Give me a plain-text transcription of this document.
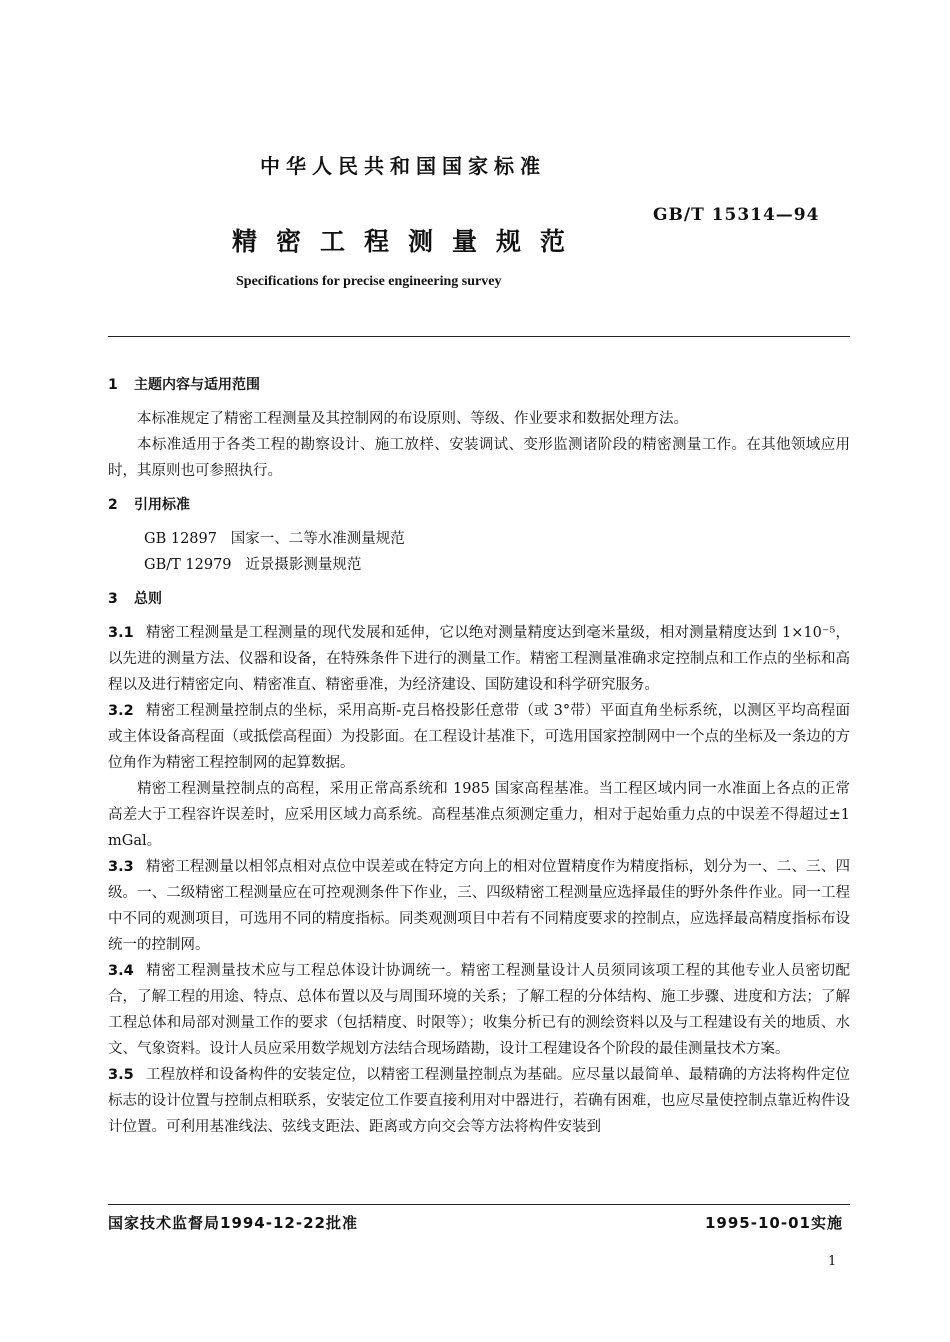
中华人民共和国国家标准
GB/T 15314—94
精密工程测量规范
Specifications for precise engineering survey
1 主题内容与适用范围

本标准规定了精密工程测量及其控制网的布设原则、等级、作业要求和数据处理方法。

本标准适用于各类工程的勘察设计、施工放样、安装调试、变形监测诸阶段的精密测量工作。在其他领域应用时，其原则也可参照执行。

2 引用标准

GB 12897   国家一、二等水准测量规范

GB/T 12979   近景摄影测量规范

3 总则

3.1 精密工程测量是工程测量的现代发展和延伸，它以绝对测量精度达到毫米量级，相对测量精度达到 1×10⁻⁵，以先进的测量方法、仪器和设备，在特殊条件下进行的测量工作。精密工程测量准确求定控制点和工作点的坐标和高程以及进行精密定向、精密准直、精密垂准，为经济建设、国防建设和科学研究服务。

3.2 精密工程测量控制点的坐标，采用高斯-克吕格投影任意带（或 3°带）平面直角坐标系统，以测区平均高程面或主体设备高程面（或抵偿高程面）为投影面。在工程设计基准下，可选用国家控制网中一个点的坐标及一条边的方位角作为精密工程控制网的起算数据。

精密工程测量控制点的高程，采用正常高系统和 1985 国家高程基准。当工程区域内同一水准面上各点的正常高差大于工程容许误差时，应采用区域力高系统。高程基准点须测定重力，相对于起始重力点的中误差不得超过±1 mGal。

3.3 精密工程测量以相邻点相对点位中误差或在特定方向上的相对位置精度作为精度指标，划分为一、二、三、四级。一、二级精密工程测量应在可控观测条件下作业，三、四级精密工程测量应选择最佳的野外条件作业。同一工程中不同的观测项目，可选用不同的精度指标。同类观测项目中若有不同精度要求的控制点，应选择最高精度指标布设统一的控制网。

3.4 精密工程测量技术应与工程总体设计协调统一。精密工程测量设计人员须同该项工程的其他专业人员密切配合，了解工程的用途、特点、总体布置以及与周围环境的关系；了解工程的分体结构、施工步骤、进度和方法；了解工程总体和局部对测量工作的要求（包括精度、时限等）；收集分析已有的测绘资料以及与工程建设有关的地质、水文、气象资料。设计人员应采用数学规划方法结合现场踏勘，设计工程建设各个阶段的最佳测量技术方案。

3.5 工程放样和设备构件的安装定位，以精密工程测量控制点为基础。应尽量以最简单、最精确的方法将构件定位标志的设计位置与控制点相联系，安装定位工作要直接利用对中器进行，若确有困难，也应尽量使控制点靠近构件设计位置。可利用基准线法、弦线支距法、距离或方向交会等方法将构件安装到

国家技术监督局1994-12-22批准	1995-10-01实施
1
